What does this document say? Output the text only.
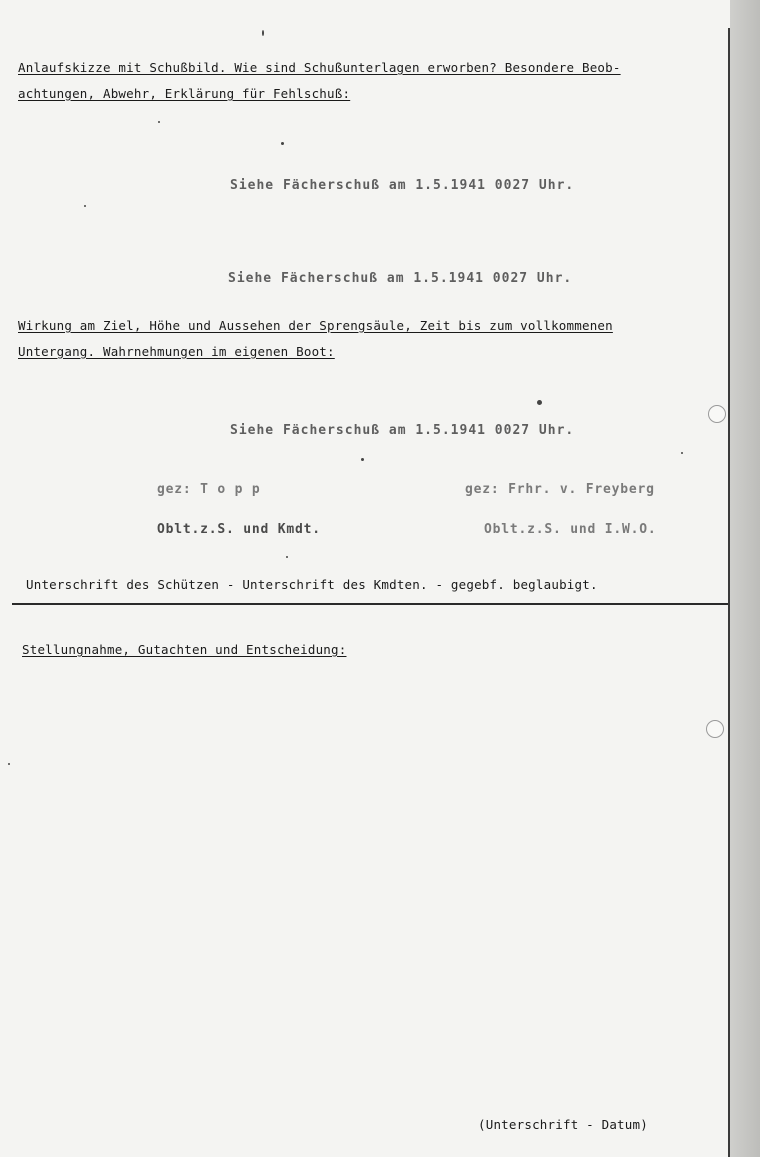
Anlaufskizze mit Schußbild. Wie sind Schußunterlagen erworben? Besondere Beob-
achtungen, Abwehr, Erklärung für Fehlschuß:
Siehe Fächerschuß am 1.5.1941 0027 Uhr.
Siehe Fächerschuß am 1.5.1941 0027 Uhr.
Wirkung am Ziel, Höhe und Aussehen der Sprengsäule, Zeit bis zum vollkommenen
Untergang. Wahrnehmungen im eigenen Boot:
Siehe Fächerschuß am 1.5.1941 0027 Uhr.
gez: T o p p	gez: Frhr. v. Freyberg
Oblt.z.S. und Kmdt.	Oblt.z.S. und I.W.O.
Unterschrift des Schützen - Unterschrift des Kmdten. - gegebf. beglaubigt.
Stellungnahme, Gutachten und Entscheidung:
(Unterschrift - Datum)
